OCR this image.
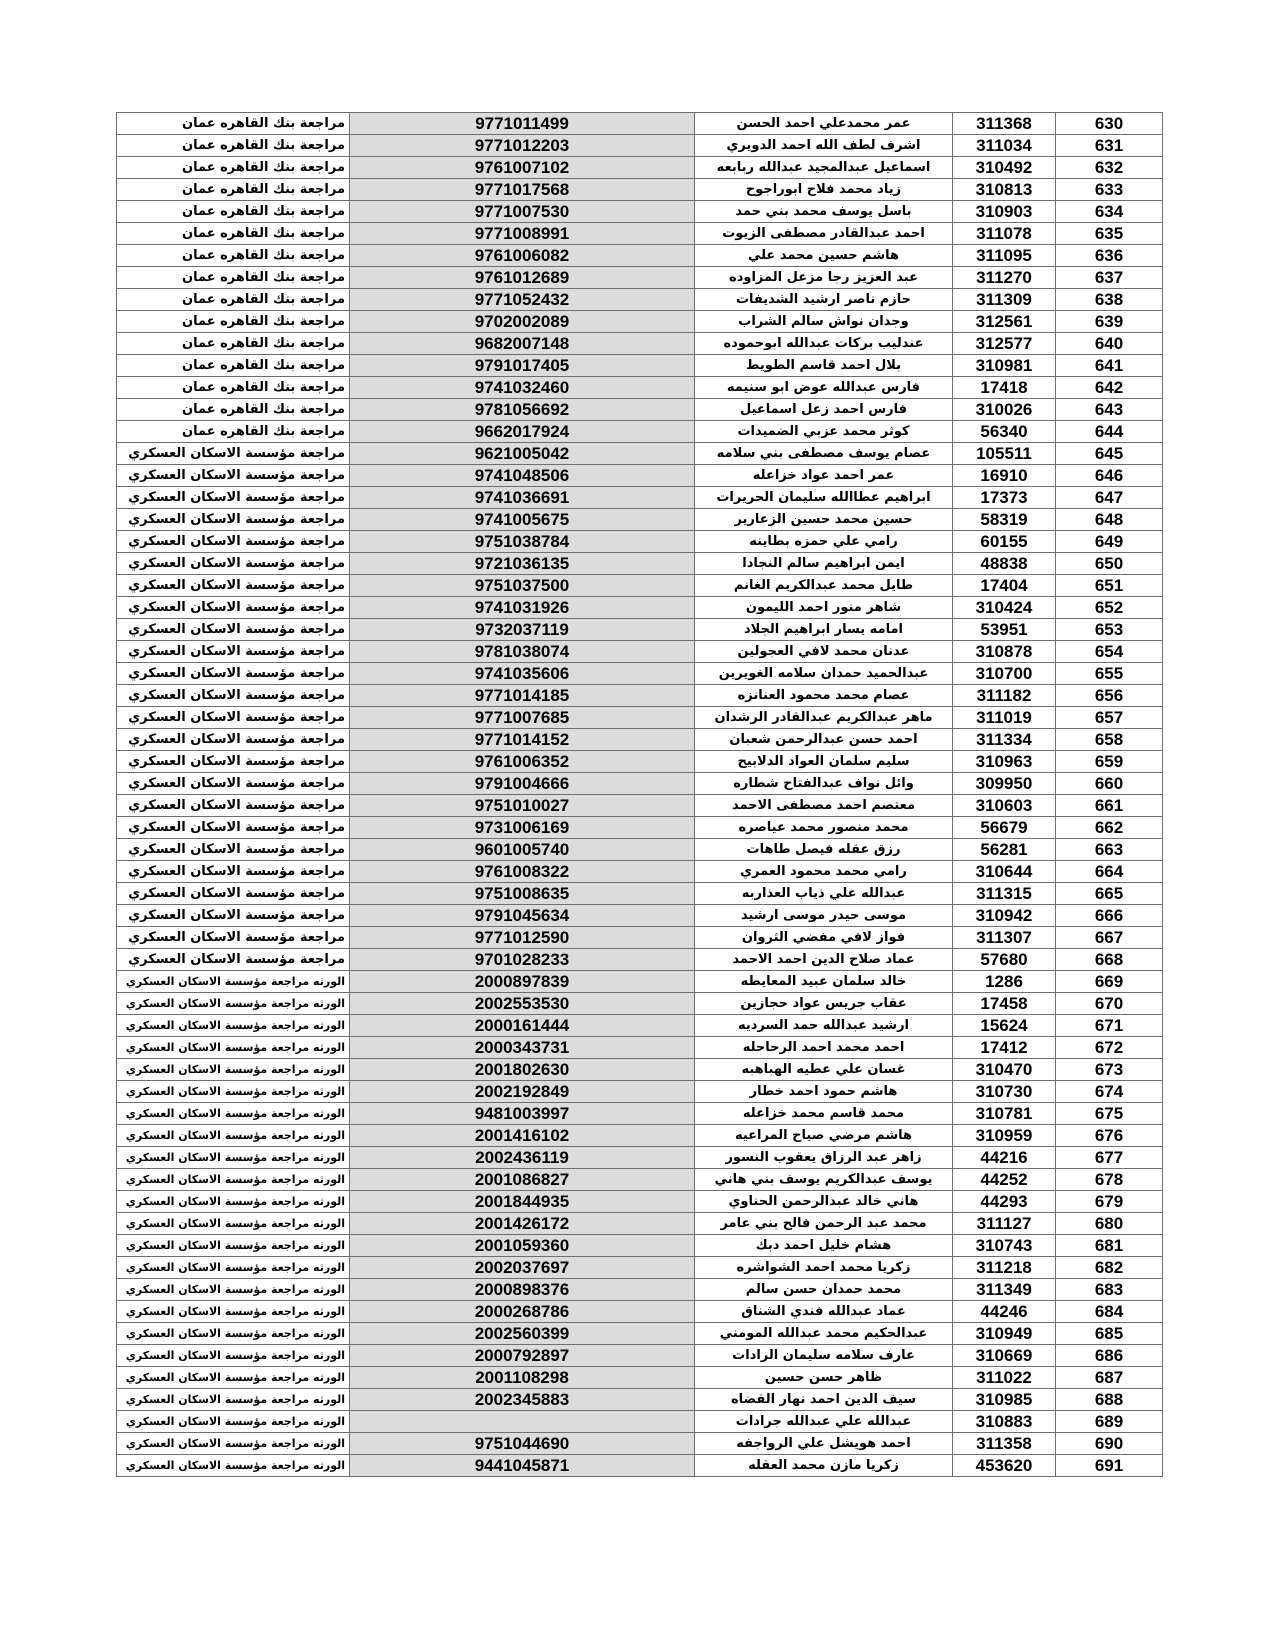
مراجعة بنك القاهره عمان	9771011499	عمر محمدعلي احمد الحسن	311368	630
مراجعة بنك القاهره عمان	9771012203	اشرف لطف الله احمد الدويري	311034	631
مراجعة بنك القاهره عمان	9761007102	اسماعيل عبدالمجيد عبدالله ربابعه	310492	632
مراجعة بنك القاهره عمان	9771017568	زياد محمد فلاح ابوراجوح	310813	633
مراجعة بنك القاهره عمان	9771007530	باسل يوسف محمد بني حمد	310903	634
مراجعة بنك القاهره عمان	9771008991	احمد عبدالقادر مصطفى الزيوت	311078	635
مراجعة بنك القاهره عمان	9761006082	هاشم حسين محمد علي	311095	636
مراجعة بنك القاهره عمان	9761012689	عبد العزيز رجا مزعل المزاوده	311270	637
مراجعة بنك القاهره عمان	9771052432	حازم ناصر ارشيد الشديفات	311309	638
مراجعة بنك القاهره عمان	9702002089	وجدان نواش سالم الشراب	312561	639
مراجعة بنك القاهره عمان	9682007148	عندليب بركات عبدالله ابوحموده	312577	640
مراجعة بنك القاهره عمان	9791017405	بلال احمد قاسم الطويط	310981	641
مراجعة بنك القاهره عمان	9741032460	فارس عبدالله عوض ابو سنيمه	17418	642
مراجعة بنك القاهره عمان	9781056692	فارس احمد زعل اسماعيل	310026	643
مراجعة بنك القاهره عمان	9662017924	كوثر محمد عزبي الضميدات	56340	644
مراجعة مؤسسة الاسكان العسكري	9621005042	عصام يوسف مصطفى بني سلامه	105511	645
مراجعة مؤسسة الاسكان العسكري	9741048506	عمر احمد عواد خزاعله	16910	646
مراجعة مؤسسة الاسكان العسكري	9741036691	ابراهيم عطاالله سليمان الحريرات	17373	647
مراجعة مؤسسة الاسكان العسكري	9741005675	حسين محمد حسين الزعارير	58319	648
مراجعة مؤسسة الاسكان العسكري	9751038784	رامي علي حمزه بطاينه	60155	649
مراجعة مؤسسة الاسكان العسكري	9721036135	ايمن ابراهيم سالم النجادا	48838	650
مراجعة مؤسسة الاسكان العسكري	9751037500	طايل محمد عبدالكريم الغانم	17404	651
مراجعة مؤسسة الاسكان العسكري	9741031926	شاهر منور احمد الليمون	310424	652
مراجعة مؤسسة الاسكان العسكري	9732037119	امامه يسار ابراهيم الجلاد	53951	653
مراجعة مؤسسة الاسكان العسكري	9781038074	عدنان محمد لافي العجولين	310878	654
مراجعة مؤسسة الاسكان العسكري	9741035606	عبدالحميد حمدان سلامه الغويرين	310700	655
مراجعة مؤسسة الاسكان العسكري	9771014185	عصام محمد محمود العنانزه	311182	656
مراجعة مؤسسة الاسكان العسكري	9771007685	ماهر عبدالكريم عبدالقادر الرشدان	311019	657
مراجعة مؤسسة الاسكان العسكري	9771014152	احمد حسن عبدالرحمن شعبان	311334	658
مراجعة مؤسسة الاسكان العسكري	9761006352	سليم سلمان العواد الدلابيح	310963	659
مراجعة مؤسسة الاسكان العسكري	9791004666	وائل نواف عبدالفتاح شطاره	309950	660
مراجعة مؤسسة الاسكان العسكري	9751010027	معتصم احمد مصطفى الاحمد	310603	661
مراجعة مؤسسة الاسكان العسكري	9731006169	محمد منصور محمد عياصره	56679	662
مراجعة مؤسسة الاسكان العسكري	9601005740	رزق عقله فيصل طاهات	56281	663
مراجعة مؤسسة الاسكان العسكري	9761008322	رامي محمد محمود العمري	310644	664
مراجعة مؤسسة الاسكان العسكري	9751008635	عبدالله علي ذياب العذاربه	311315	665
مراجعة مؤسسة الاسكان العسكري	9791045634	موسى حيدر موسى ارشيد	310942	666
مراجعة مؤسسة الاسكان العسكري	9771012590	فواز لافي مفضي الثروان	311307	667
مراجعة مؤسسة الاسكان العسكري	9701028233	عماد صلاح الدين احمد الاحمد	57680	668
الورثه مراجعة مؤسسة الاسكان العسكري	2000897839	خالد سلمان عبيد المعايطه	1286	669
الورثه مراجعة مؤسسة الاسكان العسكري	2002553530	عقاب جريس عواد حجازين	17458	670
الورثه مراجعة مؤسسة الاسكان العسكري	2000161444	ارشيد عبدالله حمد السرديه	15624	671
الورثه مراجعة مؤسسة الاسكان العسكري	2000343731	احمد محمد احمد الرحاحله	17412	672
الورثه مراجعة مؤسسة الاسكان العسكري	2001802630	غسان علي عطيه الهباهبه	310470	673
الورثه مراجعة مؤسسة الاسكان العسكري	2002192849	هاشم حمود احمد خطار	310730	674
الورثه مراجعة مؤسسة الاسكان العسكري	9481003997	محمد قاسم محمد خزاعله	310781	675
الورثه مراجعة مؤسسة الاسكان العسكري	2001416102	هاشم مرضي صياح المراعيه	310959	676
الورثه مراجعة مؤسسة الاسكان العسكري	2002436119	زاهر عبد الرزاق يعقوب النسور	44216	677
الورثه مراجعة مؤسسة الاسكان العسكري	2001086827	يوسف عبدالكريم يوسف بني هاني	44252	678
الورثه مراجعة مؤسسة الاسكان العسكري	2001844935	هاني خالد عبدالرحمن الحناوي	44293	679
الورثه مراجعة مؤسسة الاسكان العسكري	2001426172	محمد عبد الرحمن فالح بني عامر	311127	680
الورثه مراجعة مؤسسة الاسكان العسكري	2001059360	هشام خليل احمد دبك	310743	681
الورثه مراجعة مؤسسة الاسكان العسكري	2002037697	زكريا محمد احمد الشواشره	311218	682
الورثه مراجعة مؤسسة الاسكان العسكري	2000898376	محمد حمدان حسن سالم	311349	683
الورثه مراجعة مؤسسة الاسكان العسكري	2000268786	عماد عبدالله فندي الشناق	44246	684
الورثه مراجعة مؤسسة الاسكان العسكري	2002560399	عبدالحكيم محمد عبدالله المومني	310949	685
الورثه مراجعة مؤسسة الاسكان العسكري	2000792897	عارف سلامه سليمان الرادات	310669	686
الورثه مراجعة مؤسسة الاسكان العسكري	2001108298	ظاهر حسن حسين	311022	687
الورثه مراجعة مؤسسة الاسكان العسكري	2002345883	سيف الدين احمد نهار القضاه	310985	688
الورثه مراجعة مؤسسة الاسكان العسكري		عبدالله علي عبدالله جرادات	310883	689
الورثه مراجعة مؤسسة الاسكان العسكري	9751044690	احمد هويشل علي الرواجفه	311358	690
الورثه مراجعة مؤسسة الاسكان العسكري	9441045871	زكريا مازن محمد العقله	453620	691
